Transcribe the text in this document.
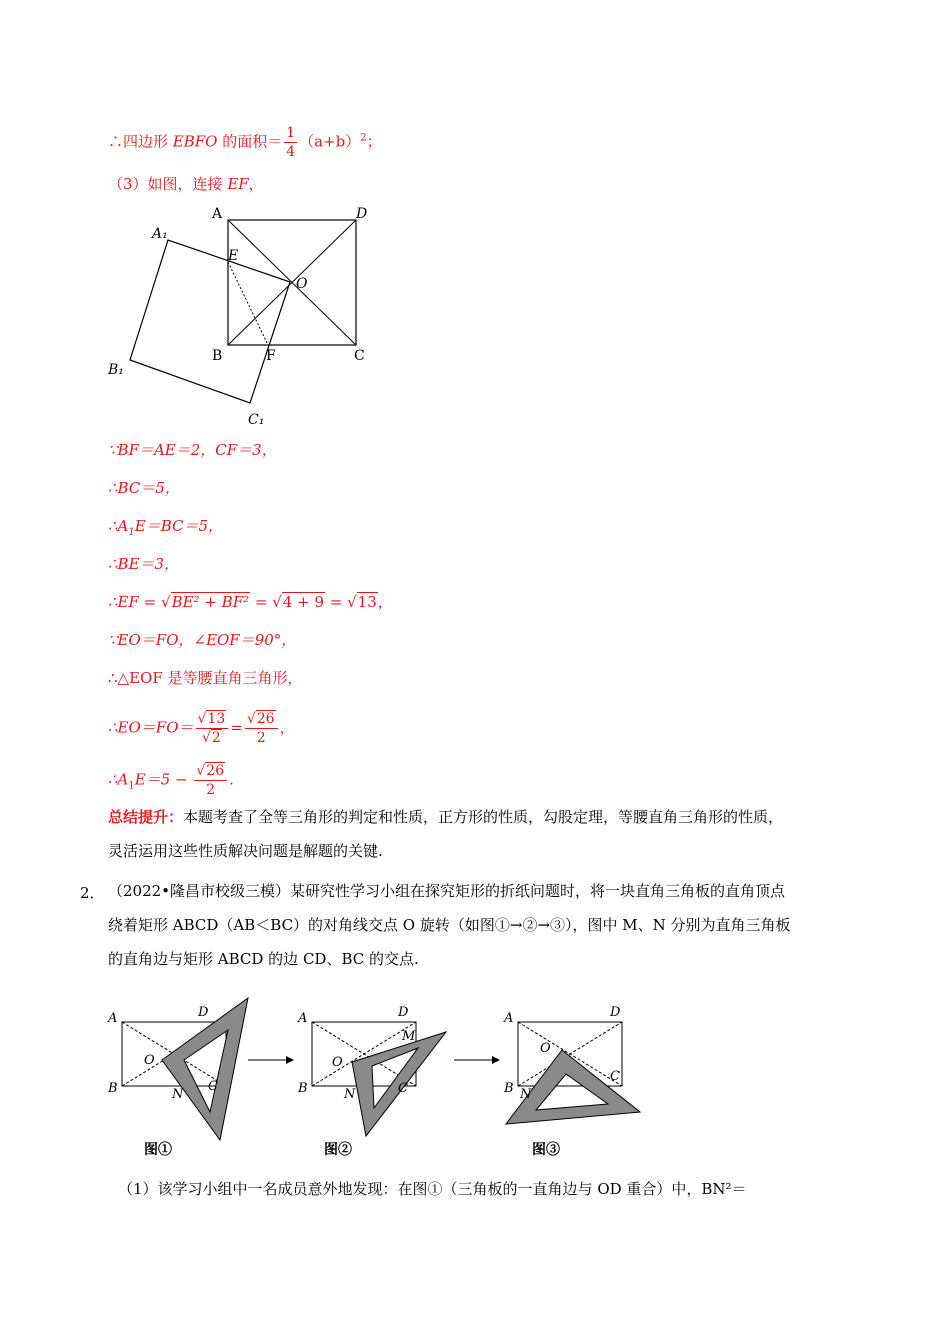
∴四边形 EBFO 的面积＝ $\frac{1}{4} (a+b)^2$；
（3）如图，连接 EF，
A
A₁
D
E
O
B	F	C
B₁
C₁
∵BF＝AE＝2，CF＝3，
∴BC＝5，
$\therefore A_1E=BC=5$，
∴BE＝3，
∴EF = √BE² + BF² = √4 + 9 = √13，
∵EO＝FO，∠EOF＝90°，
∴△EOF 是等腰直角三角形，
∴EO＝FO＝ $\frac{√13}{√2} = \frac{√26}{2}$ ，
$\therefore A_1E=5 - \frac{√26}{2}$ .
总结提升：本题考查了全等三角形的判定和性质，正方形的性质，勾股定理，等腰直角三角形的性质，
灵活运用这些性质解决问题是解题的关键.
2． （2022•隆昌市校级三模）某研究性学习小组在探究矩形的折纸问题时，将一块直角三角板的直角顶点
绕着矩形 ABCD（AB＜BC）的对角线交点 O 旋转（如图①→②→③），图中 M、N 分别为直角三角板
的直角边与矩形 ABCD 的边 CD、BC 的交点.
A	D
O
B	N
C
图①
A	D
M
O
B	N	C
图②
A	D
O
B N
C
图③
（1）该学习小组中一名成员意外地发现：在图①（三角板的一直角边与 OD 重合）中，BN²＝
